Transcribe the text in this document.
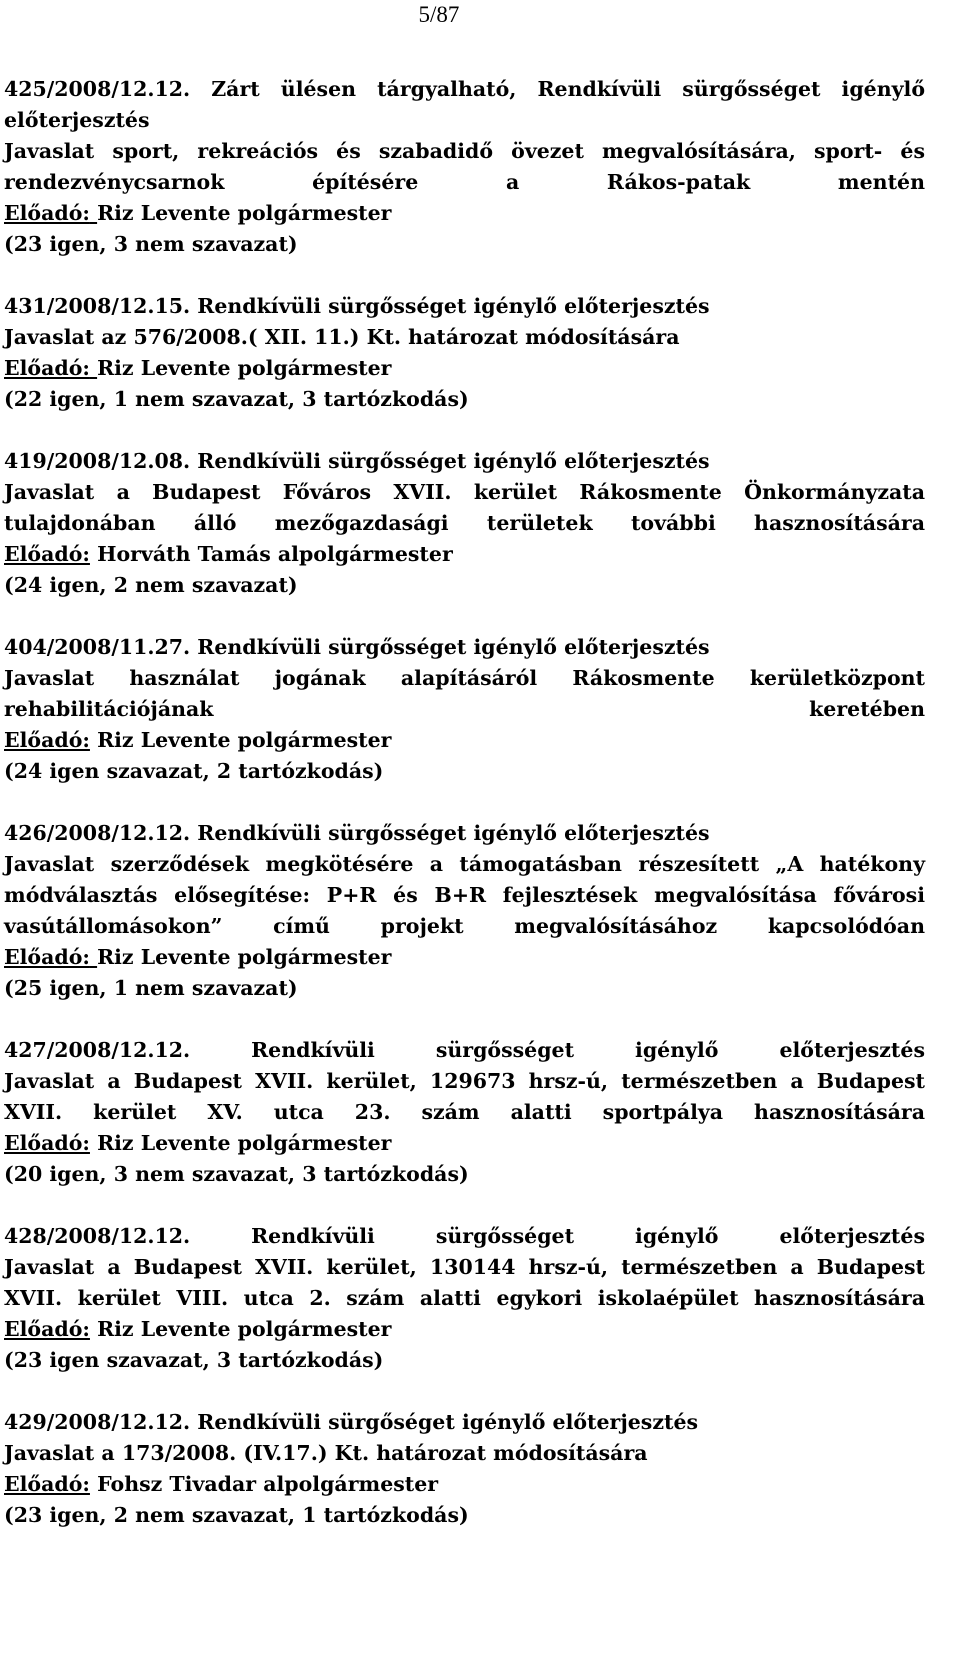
5/87
425/2008/12.12. Zárt ülésen tárgyalható, Rendkívüli sürgősséget igénylő előterjesztés
Javaslat sport, rekreációs és szabadidő övezet megvalósítására, sport- és rendezvénycsarnok építésére a Rákos-patak mentén
Előadó: Riz Levente polgármester
(23 igen, 3 nem szavazat)
431/2008/12.15. Rendkívüli sürgősséget igénylő előterjesztés
Javaslat az 576/2008.( XII. 11.) Kt. határozat módosítására
Előadó: Riz Levente polgármester
(22 igen, 1 nem szavazat, 3 tartózkodás)
419/2008/12.08. Rendkívüli sürgősséget igénylő előterjesztés
Javaslat a Budapest Főváros XVII. kerület Rákosmente Önkormányzata tulajdonában álló mezőgazdasági területek további hasznosítására
Előadó: Horváth Tamás alpolgármester
(24 igen, 2 nem szavazat)
404/2008/11.27. Rendkívüli sürgősséget igénylő előterjesztés
Javaslat használat jogának alapításáról Rákosmente kerületközpont rehabilitációjának keretében
Előadó: Riz Levente polgármester
(24 igen szavazat, 2 tartózkodás)
426/2008/12.12. Rendkívüli sürgősséget igénylő előterjesztés
Javaslat szerződések megkötésére a támogatásban részesített „A hatékony módválasztás elősegítése: P+R és B+R fejlesztések megvalósítása fővárosi vasútállomásokon” című projekt megvalósításához kapcsolódóan
Előadó: Riz Levente polgármester
(25 igen, 1 nem szavazat)
427/2008/12.12. Rendkívüli sürgősséget igénylő előterjesztés
Javaslat a Budapest XVII. kerület, 129673 hrsz-ú, természetben a Budapest XVII. kerület XV. utca 23. szám alatti sportpálya hasznosítására
Előadó: Riz Levente polgármester
(20 igen, 3 nem szavazat, 3 tartózkodás)
428/2008/12.12. Rendkívüli sürgősséget igénylő előterjesztés
Javaslat a Budapest XVII. kerület, 130144 hrsz-ú, természetben a Budapest XVII. kerület VIII. utca 2. szám alatti egykori iskolaépület hasznosítására
Előadó: Riz Levente polgármester
(23 igen szavazat, 3 tartózkodás)
429/2008/12.12. Rendkívüli sürgőséget igénylő előterjesztés
Javaslat a 173/2008. (IV.17.) Kt. határozat módosítására
Előadó: Fohsz Tivadar alpolgármester
(23 igen, 2 nem szavazat, 1 tartózkodás)
